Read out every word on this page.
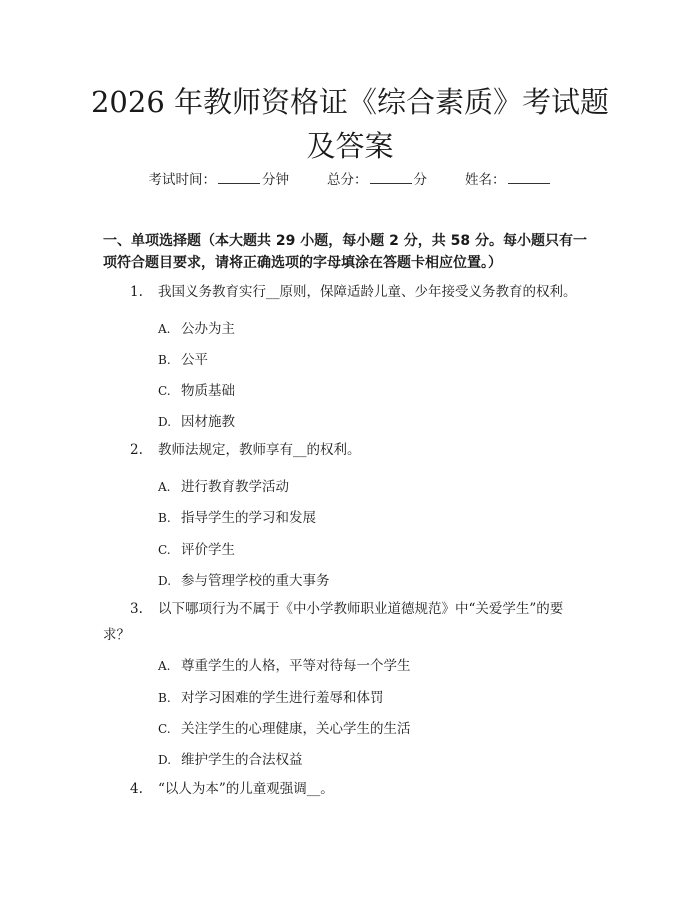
2026 年教师资格证《综合素质》考试题及答案
考试时间：	分钟	总分：	分	姓名：

一、单项选择题（本大题共 29 小题，每小题 2 分，共 58 分。每小题只有一项符合题目要求，请将正确选项的字母填涂在答题卡相应位置。）

1. 我国义务教育实行__原则，保障适龄儿童、少年接受义务教育的权利。
A. 公办为主
B. 公平
C. 物质基础
D. 因材施教
2. 教师法规定，教师享有__的权利。
A. 进行教育教学活动
B. 指导学生的学习和发展
C. 评价学生
D. 参与管理学校的重大事务
3. 以下哪项行为不属于《中小学教师职业道德规范》中“关爱学生”的要
求？
A. 尊重学生的人格，平等对待每一个学生
B. 对学习困难的学生进行羞辱和体罚
C. 关注学生的心理健康，关心学生的生活
D. 维护学生的合法权益
4. “以人为本”的儿童观强调__。
